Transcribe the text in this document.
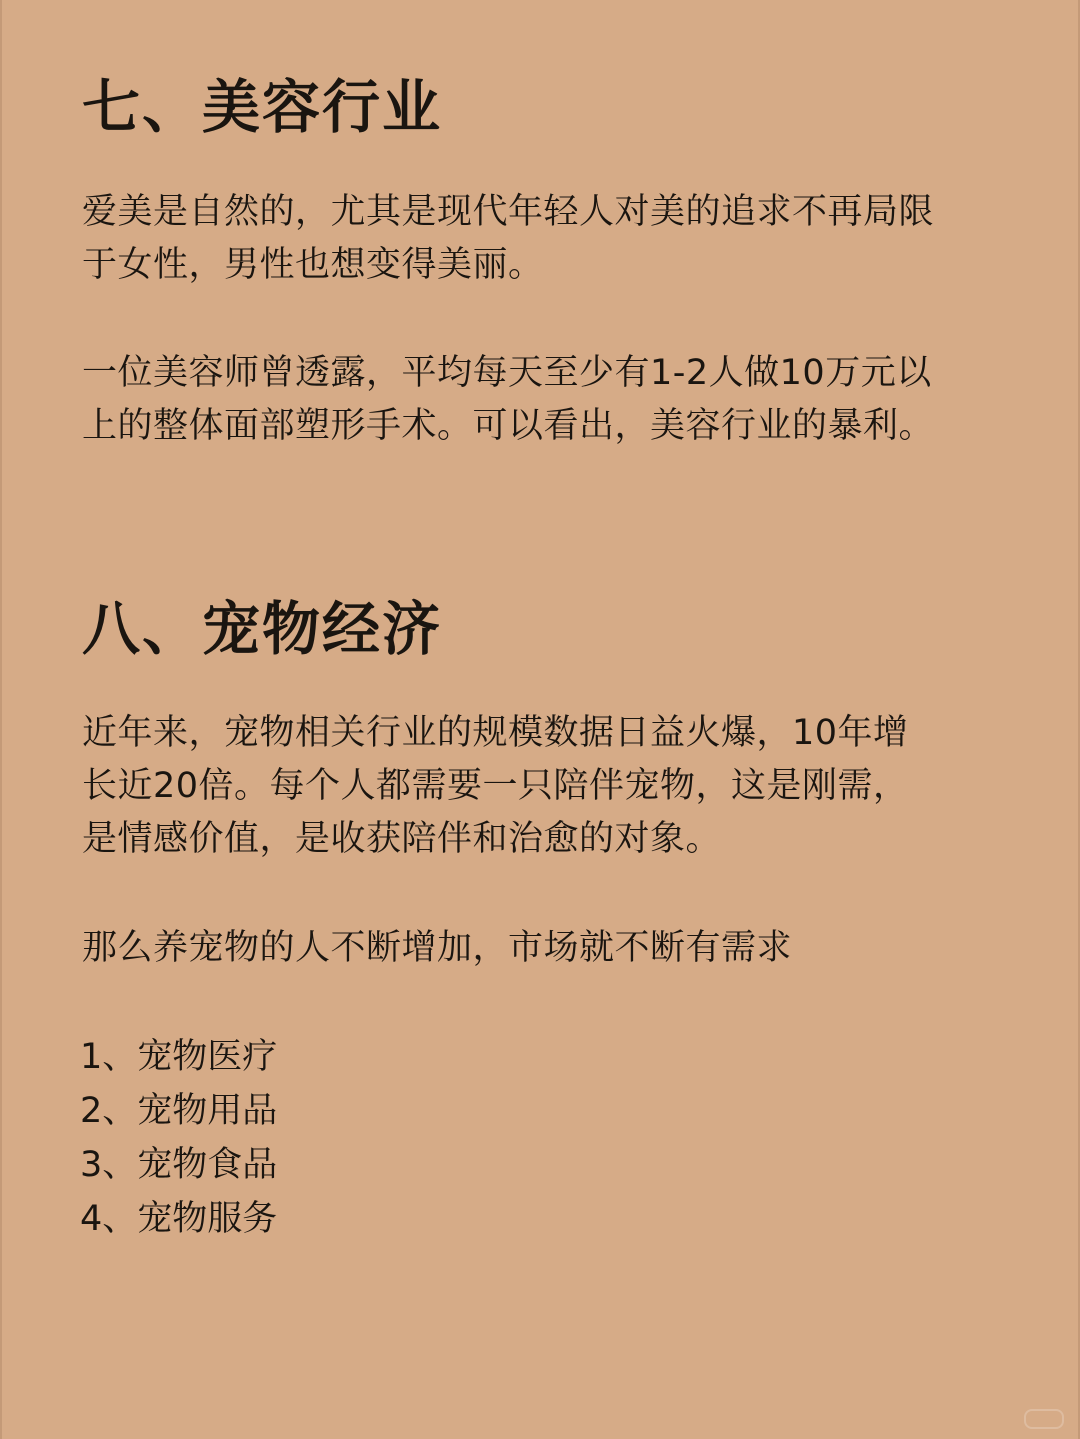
七、美容行业

爱美是自然的，尤其是现代年轻人对美的追求不再局限
于女性，男性也想变得美丽。

一位美容师曾透露，平均每天至少有1-2人做10万元以
上的整体面部塑形手术。可以看出，美容行业的暴利。

八、宠物经济

近年来，宠物相关行业的规模数据日益火爆，10年增
长近20倍。每个人都需要一只陪伴宠物，这是刚需，
是情感价值，是收获陪伴和治愈的对象。

那么养宠物的人不断增加，市场就不断有需求

1、宠物医疗
2、宠物用品
3、宠物食品
4、宠物服务
